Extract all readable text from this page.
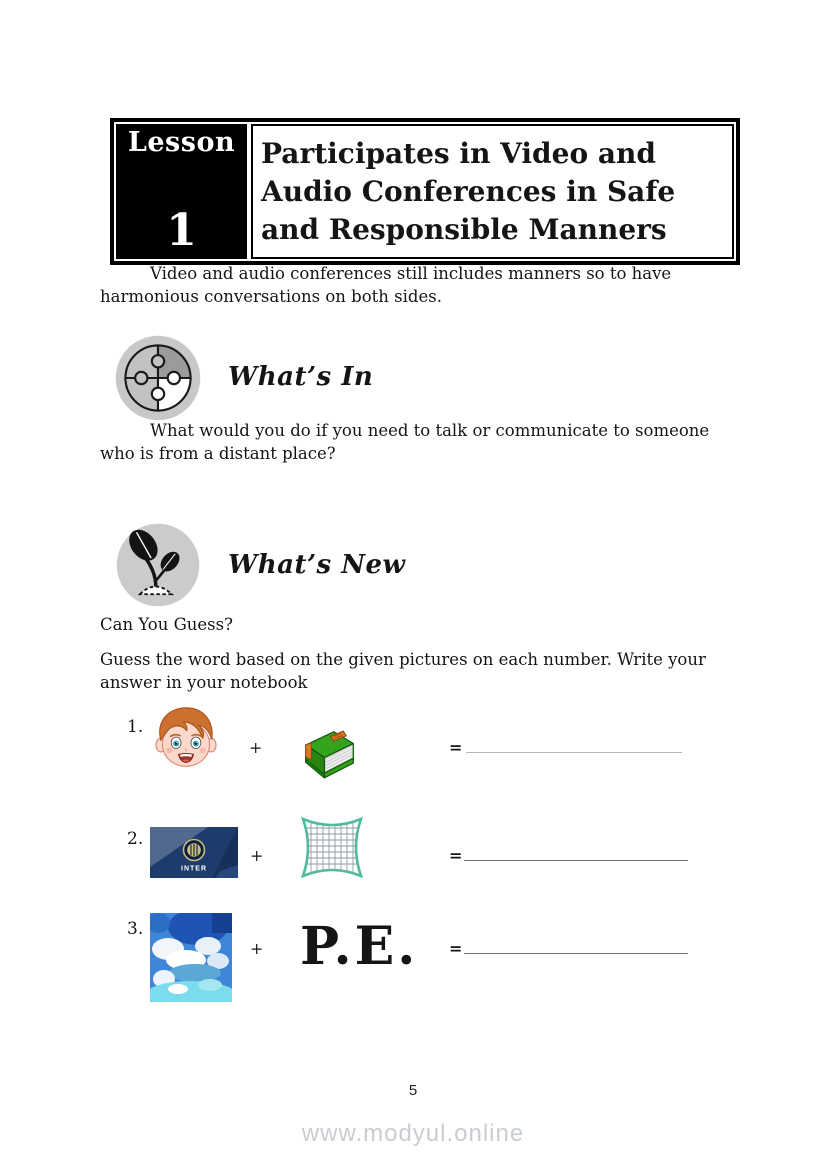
Lesson
1
Participates in Video and
Audio Conferences in Safe
and Responsible Manners

Video and audio conferences still includes manners so to have harmonious conversations on both sides.

What’s In

What would you do if you need to talk or communicate to someone who is from a distant place?

What’s New

Can You Guess?

Guess the word based on the given pictures on each number. Write your answer in your notebook

1.
+	= ___________________________
2.
INTER
+	= ____________________________
3.
+ P.E. = ____________________________
5
www.modyul.online
